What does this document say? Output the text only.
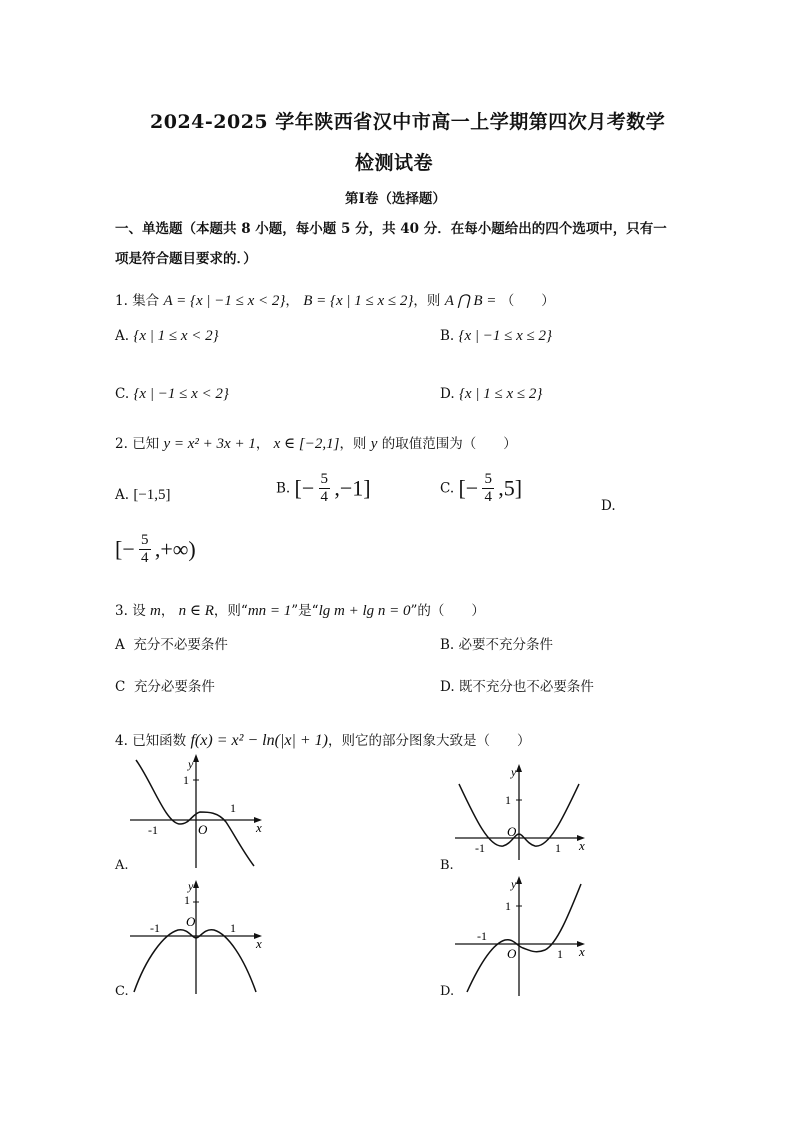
2024-2025 学年陕西省汉中市高一上学期第四次月考数学
检测试卷
第Ⅰ卷（选择题）
一、单选题（本题共 8 小题，每小题 5 分，共 40 分．在每小题给出的四个选项中，只有一
项是符合题目要求的．）
1. 集合 A = {x | −1 ≤ x < 2}， B = {x | 1 ≤ x ≤ 2}，则 A ⋂ B = （　　）
A. {x | 1 ≤ x < 2}	B. {x | −1 ≤ x ≤ 2}
C. {x | −1 ≤ x < 2}	D. {x | 1 ≤ x ≤ 2}
2. 已知 y = x² + 3x + 1， x ∈ [−2,1]，则 y 的取值范围为（　　）
A. [−1,5]	B. [− $\frac{5}{4} ,-1$]	C. [− $\frac{5}{4} ,5$]
D.
[− $\frac{5}{4}$ ,+∞)
3. 设 m， n ∈ R，则“mn = 1”是“lg m + lg n = 0”的（　　）
A 充分不必要条件	B. 必要不充分条件
C 充分必要条件	D. 既不充分也不必要条件
4. 已知函数 f(x) = x² − ln(|x| + 1)，则它的部分图象大致是（　　）
y
1
-1
1
O	x
A.
y
1
-1	1
O
x
B.
y
1
-1	1
O
x
C.
y
1
-1
1
O	x
D.
